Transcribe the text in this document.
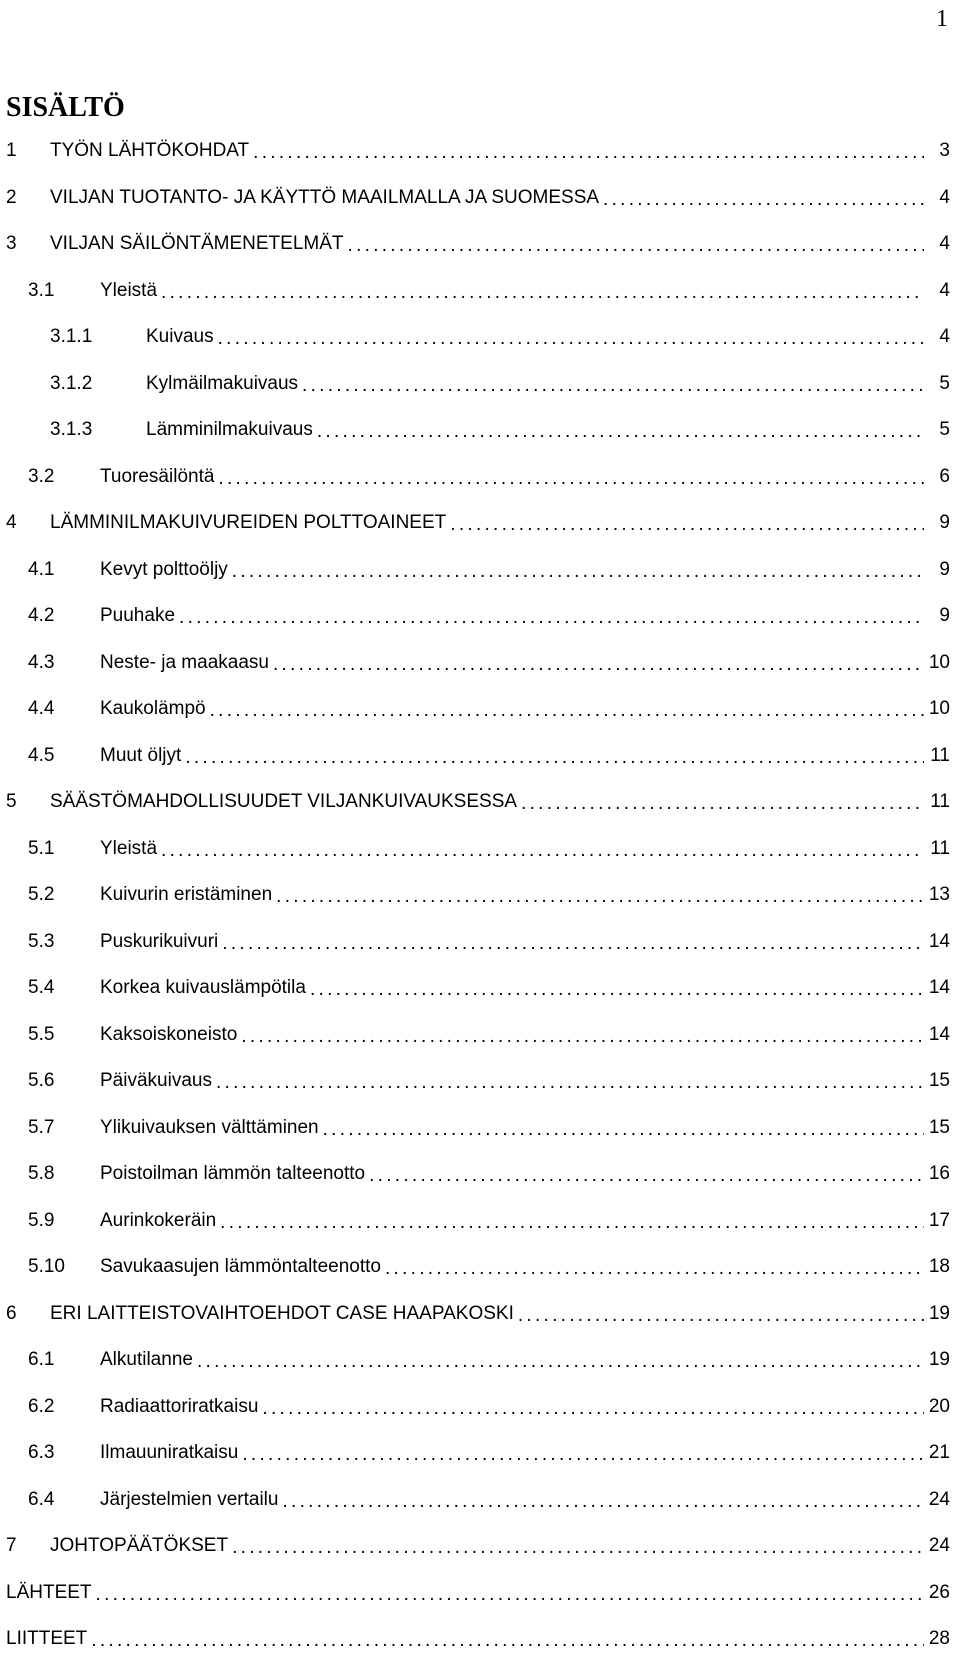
1
SISÄLTÖ
1	TYÖN LÄHTÖKOHDAT . . .	3
2	VILJAN TUOTANTO- JA KÄYTTÖ MAAILMALLA JA SUOMESSA . . .	4
3	VILJAN SÄILÖNTÄMENETELMÄT . . .	4
3.1	Yleistä . . .	4
3.1.1	Kuivaus . . .	4
3.1.2	Kylmäilmakuivaus . . .	5
3.1.3	Lämminilmakuivaus . . .	5
3.2	Tuoresäilöntä . . .	6
4	LÄMMINILMAKUIVUREIDEN POLTTOAINEET . . .	9
4.1	Kevyt polttoöljy . . .	9
4.2	Puuhake . . .	9
4.3	Neste- ja maakaasu . . .	10
4.4	Kaukolämpö . . .	10
4.5	Muut öljyt . . .	11
5	SÄÄSTÖMAHDOLLISUUDET VILJANKUIVAUKSESSA . . .	11
5.1	Yleistä . . .	11
5.2	Kuivurin eristäminen . . .	13
5.3	Puskurikuivuri . . .	14
5.4	Korkea kuivauslämpötila . . .	14
5.5	Kaksoiskoneisto . . .	14
5.6	Päiväkuivaus . . .	15
5.7	Ylikuivauksen välttäminen . . .	15
5.8	Poistoilman lämmön talteenotto . . .	16
5.9	Aurinkokeräin . . .	17
5.10	Savukaasujen lämmöntalteenotto . . .	18
6	ERI LAITTEISTOVAIHTOEHDOT CASE HAAPAKOSKI . . .	19
6.1	Alkutilanne . . .	19
6.2	Radiaattoriratkaisu . . .	20
6.3	Ilmauuniratkaisu . . .	21
6.4	Järjestelmien vertailu . . .	24
7	JOHTOPÄÄTÖKSET . . .	24
LÄHTEET . . .	26
LIITTEET . . .	28
